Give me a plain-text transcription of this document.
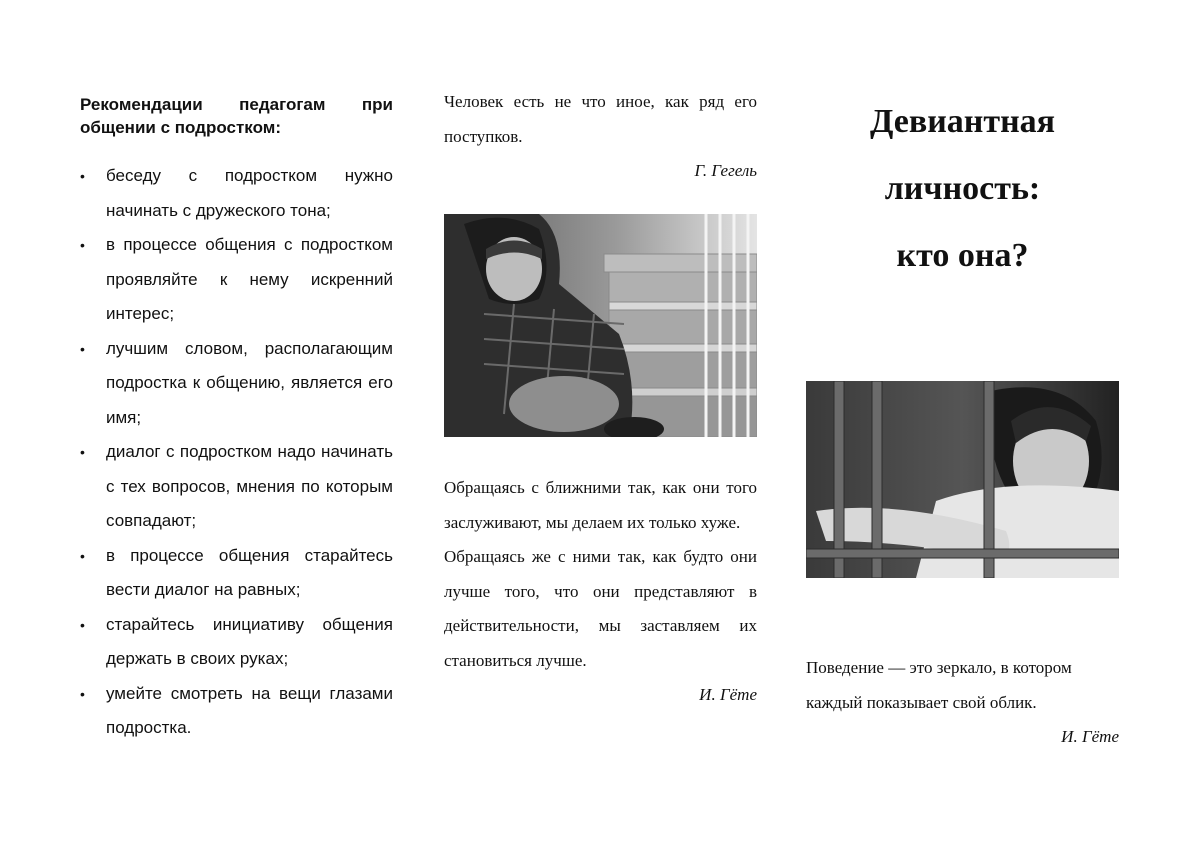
Рекомендации педагогам при общении с подростком:
• беседу с подростком нужно начинать с дружеского тона;
• в процессе общения с подростком проявляйте к нему искренний интерес;
• лучшим словом, располагающим подростка к общению, является его имя;
• диалог с подростком надо начинать с тех вопросов, мнения по которым совпадают;
• в процессе общения старайтесь вести диалог на равных;
• старайтесь инициативу общения держать в своих руках;
• умейте смотреть на вещи глазами подростка.
Человек есть не что иное, как ряд его поступков.
Г. Гегель
Обращаясь с ближними так, как они того заслуживают, мы делаем их только хуже.
Обращаясь же с ними так, как будто они лучше того, что они представляют в действительности, мы заставляем их становиться лучше.
И. Гёте
Девиантная
личность:
кто она?
Поведение — это зеркало, в котором каждый показывает свой облик.
И. Гёте
